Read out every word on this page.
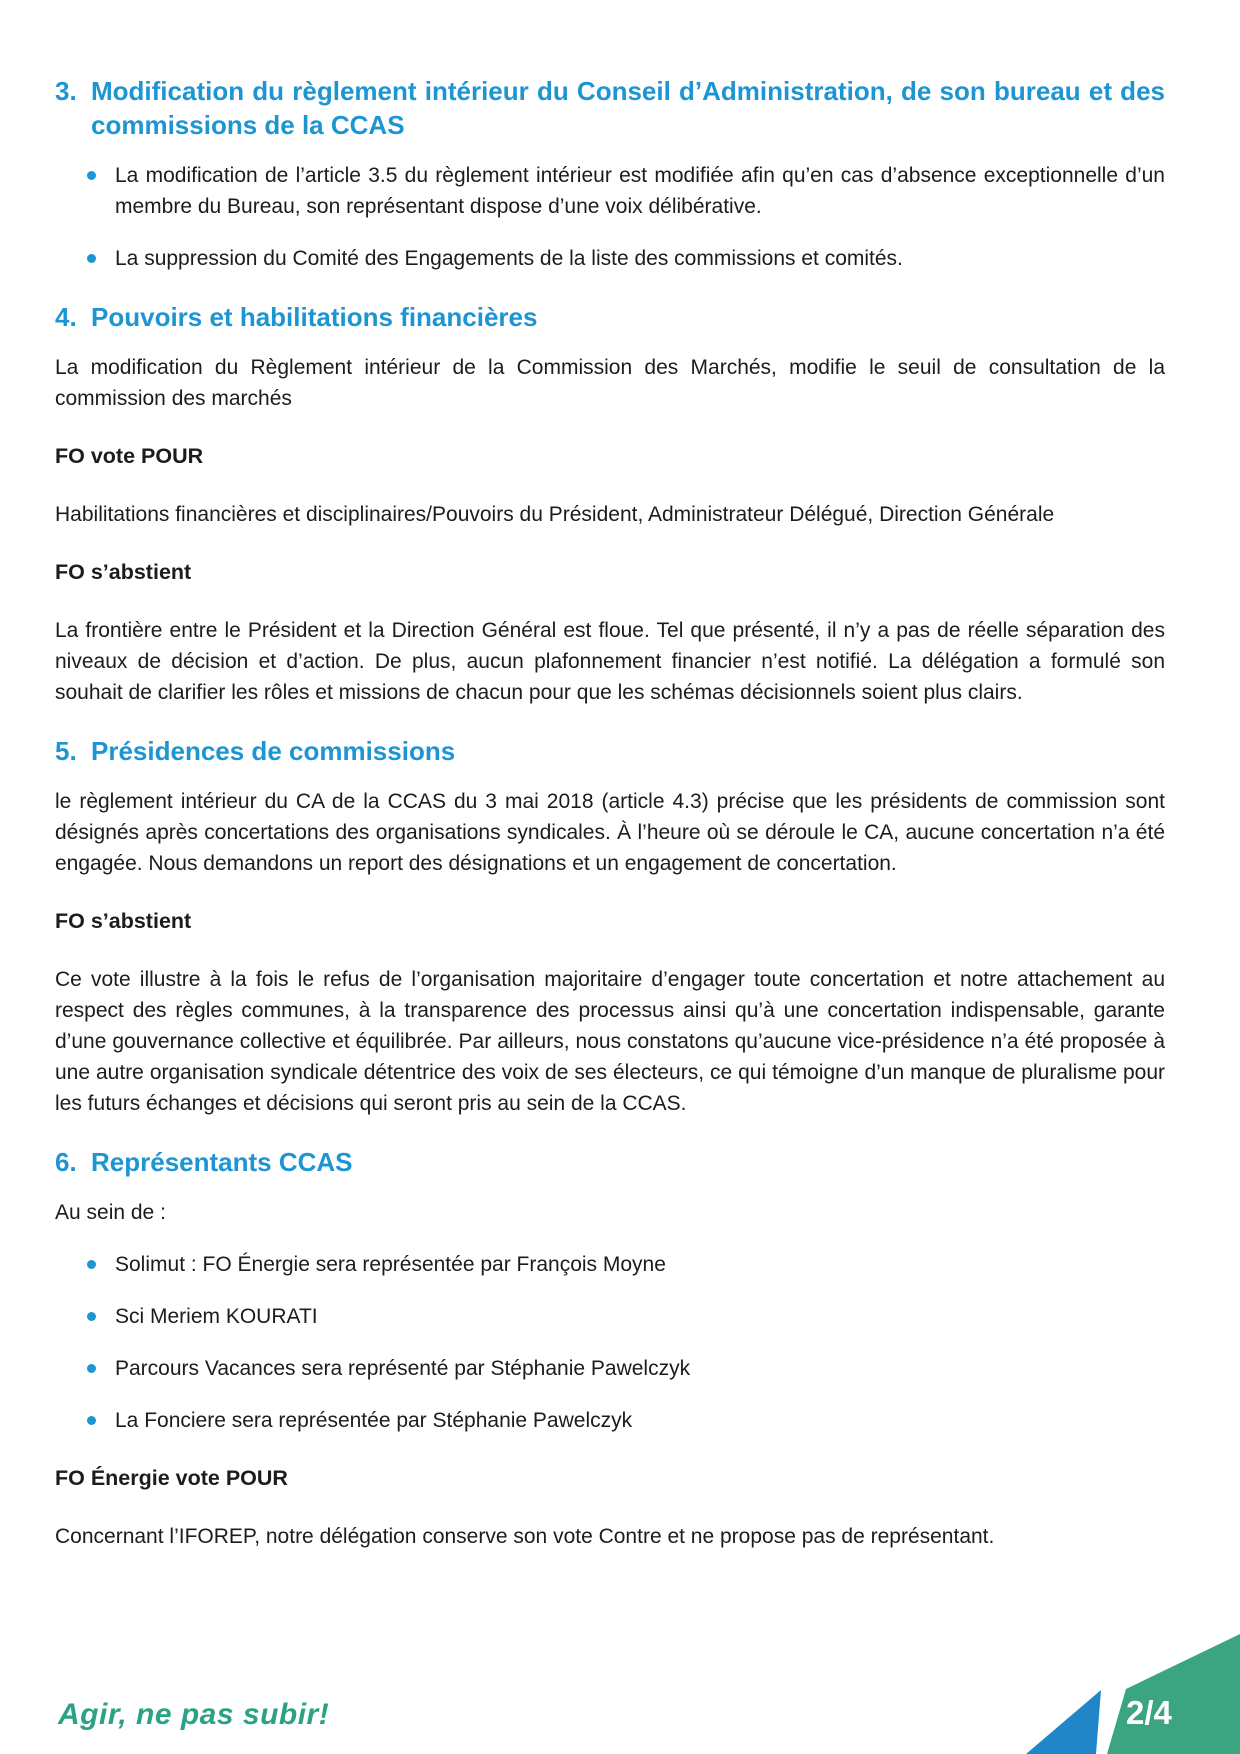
3. Modification du règlement intérieur du Conseil d’Administration, de son bureau et des commissions de la CCAS

La modification de l’article 3.5 du règlement intérieur est modifiée afin qu’en cas d’absence exceptionnelle d’un membre du Bureau, son représentant dispose d’une voix délibérative.

La suppression du Comité des Engagements de la liste des commissions et comités.

4. Pouvoirs et habilitations financières

La modification du Règlement intérieur de la Commission des Marchés, modifie le seuil de consultation de la commission des marchés

FO vote POUR

Habilitations financières et disciplinaires/Pouvoirs du Président, Administrateur Délégué, Direction Générale

FO s’abstient

La frontière entre le Président et la Direction Général est floue. Tel que présenté, il n’y a pas de réelle séparation des niveaux de décision et d’action. De plus, aucun plafonnement financier n’est notifié. La délégation a formulé son souhait de clarifier les rôles et missions de chacun pour que les schémas décisionnels soient plus clairs.

5. Présidences de commissions

le règlement intérieur du CA de la CCAS du 3 mai 2018 (article 4.3) précise que les présidents de commission sont désignés après concertations des organisations syndicales. À l’heure où se déroule le CA, aucune concertation n’a été engagée. Nous demandons un report des désignations et un engagement de concertation.

FO s’abstient

Ce vote illustre à la fois le refus de l’organisation majoritaire d’engager toute concertation et notre attachement au respect des règles communes, à la transparence des processus ainsi qu’à une concertation indispensable, garante d’une gouvernance collective et équilibrée. Par ailleurs, nous constatons qu’aucune vice-présidence n’a été proposée à une autre organisation syndicale détentrice des voix de ses électeurs, ce qui témoigne d’un manque de pluralisme pour les futurs échanges et décisions qui seront pris au sein de la CCAS.

6. Représentants CCAS

Au sein de :

Solimut : FO Énergie sera représentée par François Moyne

Sci Meriem KOURATI

Parcours Vacances sera représenté par Stéphanie Pawelczyk

La Fonciere sera représentée par Stéphanie Pawelczyk

FO Énergie vote POUR

Concernant l’IFOREP, notre délégation conserve son vote Contre et ne propose pas de représentant.

Agir, ne pas subir!	2/4
